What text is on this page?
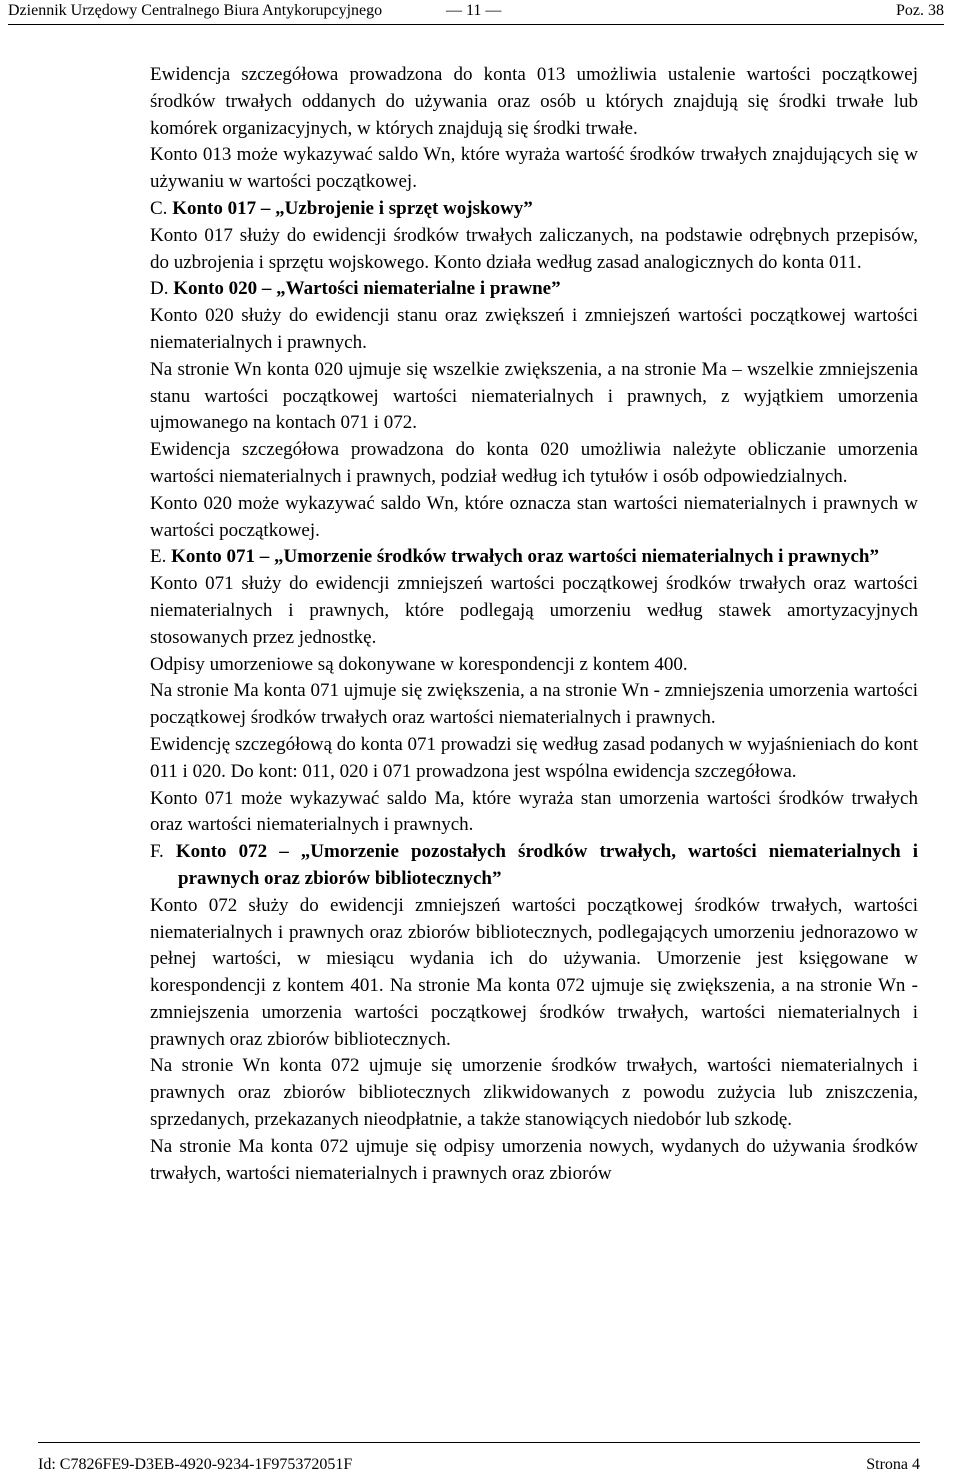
Dziennik Urzędowy Centralnego Biura Antykorupcyjnego	— 11 —	Poz. 38

Ewidencja szczegółowa prowadzona do konta 013 umożliwia ustalenie wartości początkowej środków trwałych oddanych do używania oraz osób u których znajdują się środki trwałe lub komórek organizacyjnych, w których znajdują się środki trwałe.

Konto 013 może wykazywać saldo Wn, które wyraża wartość środków trwałych znajdujących się w używaniu w wartości początkowej.

C. Konto 017 – „Uzbrojenie i sprzęt wojskowy”

Konto 017 służy do ewidencji środków trwałych zaliczanych, na podstawie odrębnych przepisów, do uzbrojenia i sprzętu wojskowego. Konto działa według zasad analogicznych do konta 011.

D. Konto 020 – „Wartości niematerialne i prawne”

Konto 020 służy do ewidencji stanu oraz zwiększeń i zmniejszeń wartości początkowej wartości niematerialnych i prawnych.

Na stronie Wn konta 020 ujmuje się wszelkie zwiększenia, a na stronie Ma – wszelkie zmniejszenia stanu wartości początkowej wartości niematerialnych i prawnych, z wyjątkiem umorzenia ujmowanego na kontach 071 i 072.

Ewidencja szczegółowa prowadzona do konta 020 umożliwia należyte obliczanie umorzenia wartości niematerialnych i prawnych, podział według ich tytułów i osób odpowiedzialnych.

Konto 020 może wykazywać saldo Wn, które oznacza stan wartości niematerialnych i prawnych w wartości początkowej.

E. Konto 071 – „Umorzenie środków trwałych oraz wartości niematerialnych i prawnych”

Konto 071 służy do ewidencji zmniejszeń wartości początkowej środków trwałych oraz wartości niematerialnych i prawnych, które podlegają umorzeniu według stawek amortyzacyjnych stosowanych przez jednostkę.

Odpisy umorzeniowe są dokonywane w korespondencji z kontem 400.

Na stronie Ma konta 071 ujmuje się zwiększenia, a na stronie Wn - zmniejszenia umorzenia wartości początkowej środków trwałych oraz wartości niematerialnych i prawnych.

Ewidencję szczegółową do konta 071 prowadzi się według zasad podanych w wyjaśnieniach do kont 011 i 020. Do kont: 011, 020 i 071 prowadzona jest wspólna ewidencja szczegółowa.

Konto 071 może wykazywać saldo Ma, które wyraża stan umorzenia wartości środków trwałych oraz wartości niematerialnych i prawnych.

F. Konto 072 – „Umorzenie pozostałych środków trwałych, wartości niematerialnych i prawnych oraz zbiorów bibliotecznych”

Konto 072 służy do ewidencji zmniejszeń wartości początkowej środków trwałych, wartości niematerialnych i prawnych oraz zbiorów bibliotecznych, podlegających umorzeniu jednorazowo w pełnej wartości, w miesiącu wydania ich do używania. Umorzenie jest księgowane w korespondencji z kontem 401. Na stronie Ma konta 072 ujmuje się zwiększenia, a na stronie Wn - zmniejszenia umorzenia wartości początkowej środków trwałych, wartości niematerialnych i prawnych oraz zbiorów bibliotecznych.

Na stronie Wn konta 072 ujmuje się umorzenie środków trwałych, wartości niematerialnych i prawnych oraz zbiorów bibliotecznych zlikwidowanych z powodu zużycia lub zniszczenia, sprzedanych, przekazanych nieodpłatnie, a także stanowiących niedobór lub szkodę.

Na stronie Ma konta 072 ujmuje się odpisy umorzenia nowych, wydanych do używania środków trwałych, wartości niematerialnych i prawnych oraz zbiorów

Id: C7826FE9-D3EB-4920-9234-1F975372051F	Strona 4
